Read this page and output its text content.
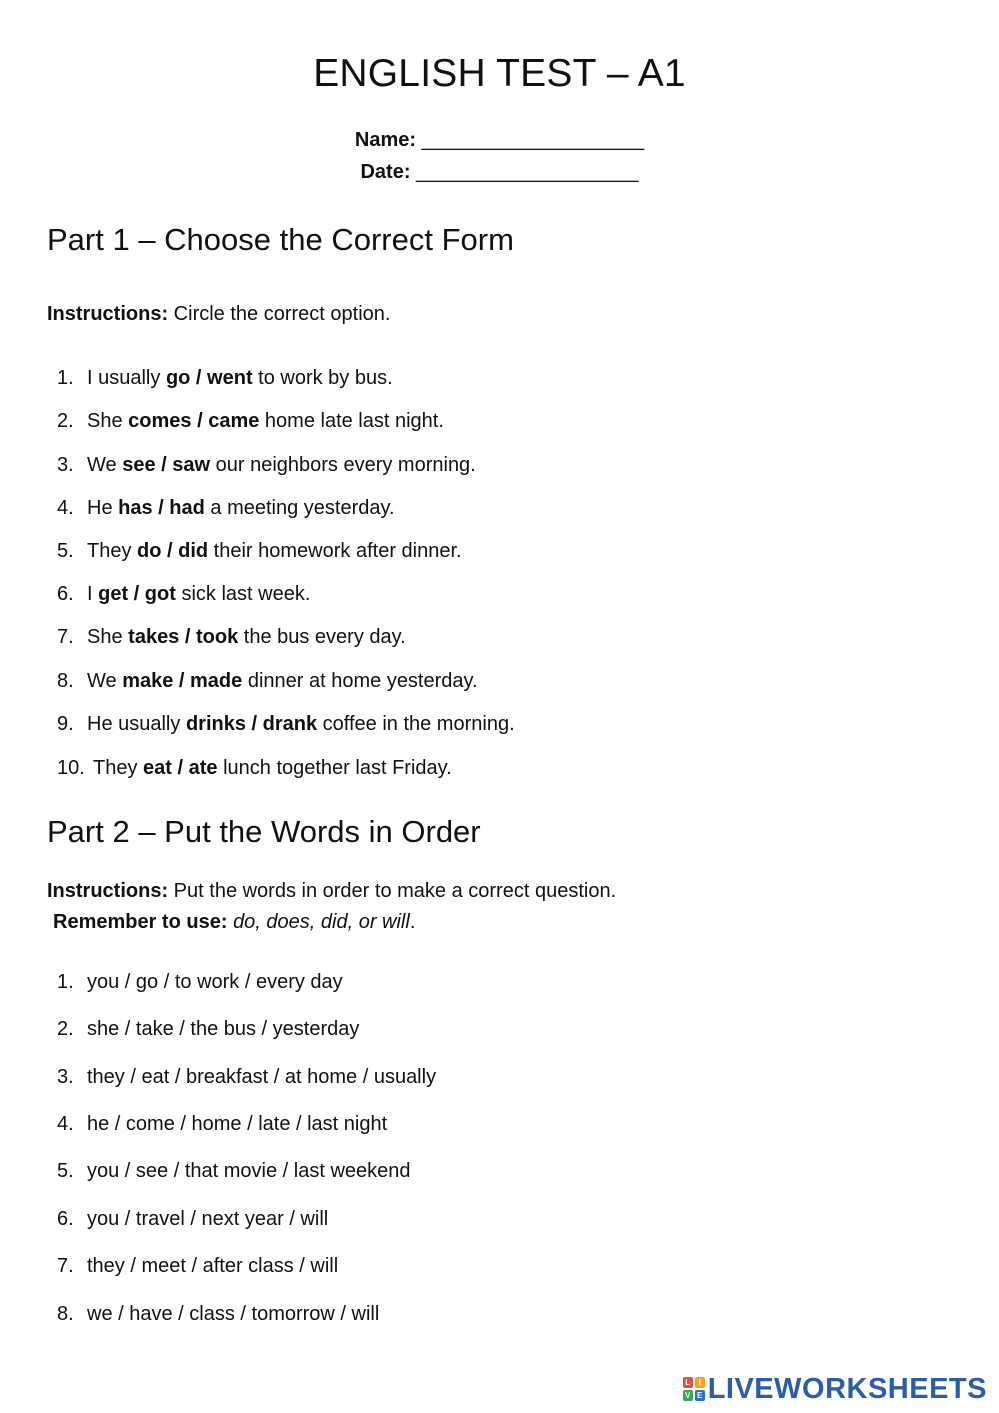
ENGLISH TEST – A1
Name: ____________________
Date: ____________________
Part 1 – Choose the Correct Form
Instructions: Circle the correct option.
1. I usually go / went to work by bus.
2. She comes / came home late last night.
3. We see / saw our neighbors every morning.
4. He has / had a meeting yesterday.
5. They do / did their homework after dinner.
6. I get / got sick last week.
7. She takes / took the bus every day.
8. We make / made dinner at home yesterday.
9. He usually drinks / drank coffee in the morning.
10. They eat / ate lunch together last Friday.
Part 2 – Put the Words in Order
Instructions: Put the words in order to make a correct question.
Remember to use: do, does, did, or will.
1. you / go / to work / every day
2. she / take / the bus / yesterday
3. they / eat / breakfast / at home / usually
4. he / come / home / late / last night
5. you / see / that movie / last weekend
6. you / travel / next year / will
7. they / meet / after class / will
8. we / have / class / tomorrow / will
L	I
V E LIVEWORKSHEETS
